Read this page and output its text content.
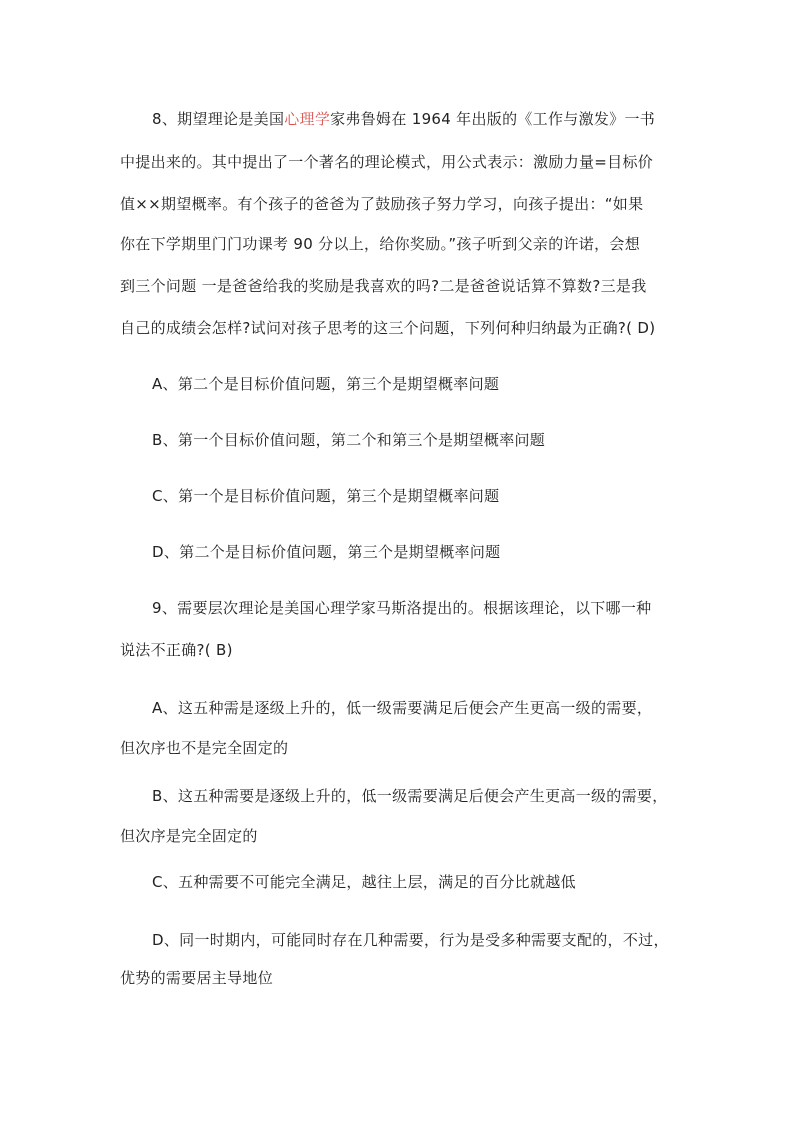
8、期望理论是美国心理学家弗鲁姆在 1964 年出版的《工作与激发》一书
中提出来的。其中提出了一个著名的理论模式，用公式表示：激励力量=目标价
值××期望概率。有个孩子的爸爸为了鼓励孩子努力学习，向孩子提出：“如果
你在下学期里门门功课考 90 分以上，给你奖励。”孩子听到父亲的许诺，会想
到三个问题 一是爸爸给我的奖励是我喜欢的吗?二是爸爸说话算不算数?三是我
自己的成绩会怎样?试问对孩子思考的这三个问题，下列何种归纳最为正确?( D)
A、第二个是目标价值问题，第三个是期望概率问题
B、第一个目标价值问题，第二个和第三个是期望概率问题
C、第一个是目标价值问题，第三个是期望概率问题
D、第二个是目标价值问题，第三个是期望概率问题
9、需要层次理论是美国心理学家马斯洛提出的。根据该理论，以下哪一种
说法不正确?( B)
A、这五种需是逐级上升的，低一级需要满足后便会产生更高一级的需要，
但次序也不是完全固定的
B、这五种需要是逐级上升的，低一级需要满足后便会产生更高一级的需要，
但次序是完全固定的
C、五种需要不可能完全满足，越往上层，满足的百分比就越低
D、同一时期内，可能同时存在几种需要，行为是受多种需要支配的，不过，
优势的需要居主导地位
